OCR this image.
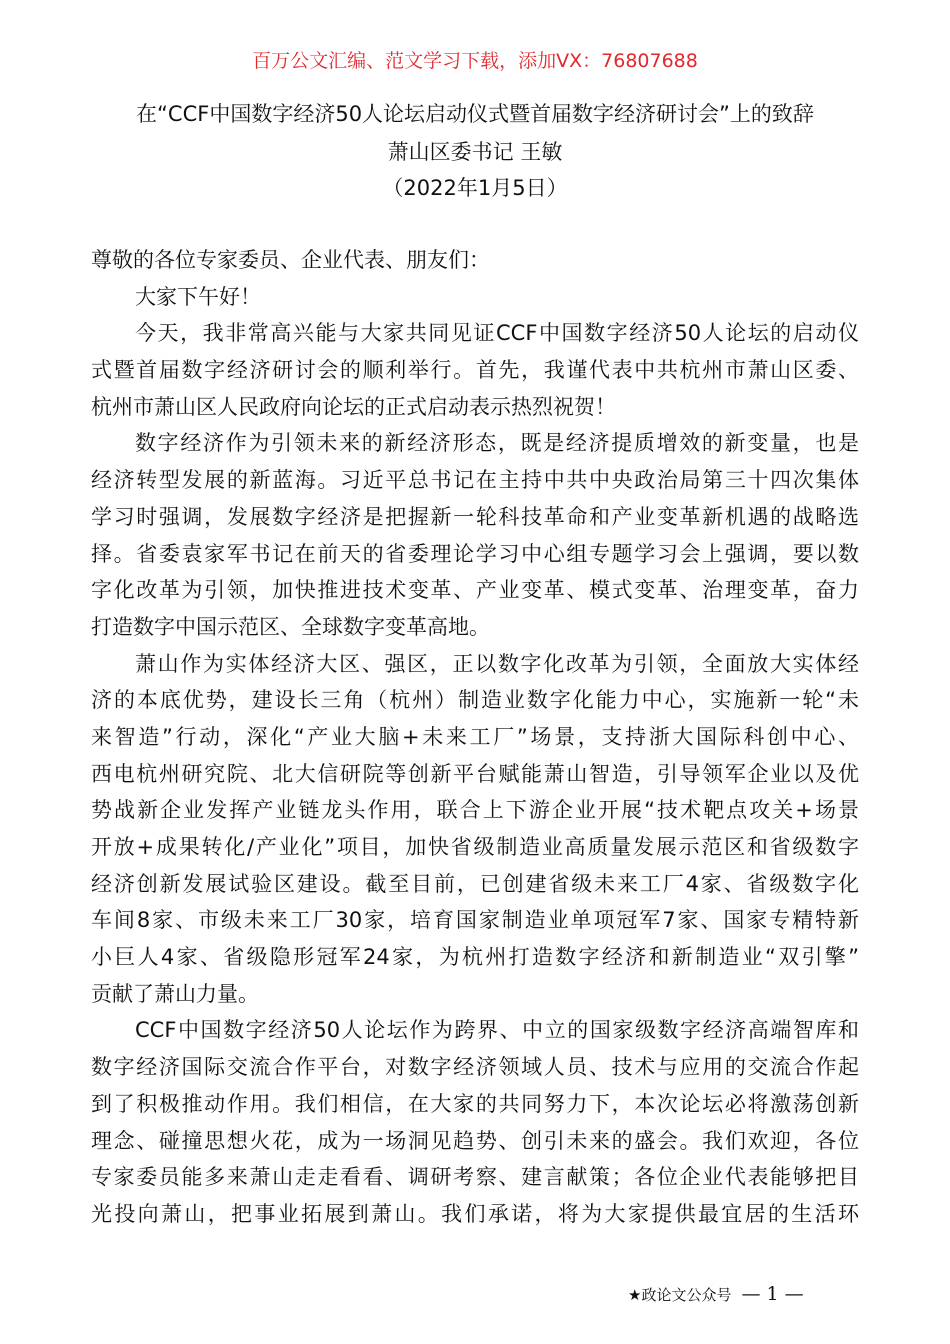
百万公文汇编、范文学习下载，添加VX：76807688
在“CCF中国数字经济50人论坛启动仪式暨首届数字经济研讨会”上的致辞
萧山区委书记 王敏
（2022年1月5日）
尊敬的各位专家委员、企业代表、朋友们：
大家下午好！
今天，我非常高兴能与大家共同见证CCF中国数字经济50人论坛的启动仪
式暨首届数字经济研讨会的顺利举行。首先，我谨代表中共杭州市萧山区委、
杭州市萧山区人民政府向论坛的正式启动表示热烈祝贺！
数字经济作为引领未来的新经济形态，既是经济提质增效的新变量，也是
经济转型发展的新蓝海。习近平总书记在主持中共中央政治局第三十四次集体
学习时强调，发展数字经济是把握新一轮科技革命和产业变革新机遇的战略选
择。省委袁家军书记在前天的省委理论学习中心组专题学习会上强调，要以数
字化改革为引领，加快推进技术变革、产业变革、模式变革、治理变革，奋力
打造数字中国示范区、全球数字变革高地。
萧山作为实体经济大区、强区，正以数字化改革为引领，全面放大实体经
济的本底优势，建设长三角（杭州）制造业数字化能力中心，实施新一轮“未
来智造”行动，深化“产业大脑+未来工厂”场景，支持浙大国际科创中心、
西电杭州研究院、北大信研院等创新平台赋能萧山智造，引导领军企业以及优
势战新企业发挥产业链龙头作用，联合上下游企业开展“技术靶点攻关+场景
开放+成果转化/产业化”项目，加快省级制造业高质量发展示范区和省级数字
经济创新发展试验区建设。截至目前，已创建省级未来工厂4家、省级数字化
车间8家、市级未来工厂30家，培育国家制造业单项冠军7家、国家专精特新
小巨人4家、省级隐形冠军24家，为杭州打造数字经济和新制造业“双引擎”
贡献了萧山力量。
CCF中国数字经济50人论坛作为跨界、中立的国家级数字经济高端智库和
数字经济国际交流合作平台，对数字经济领域人员、技术与应用的交流合作起
到了积极推动作用。我们相信，在大家的共同努力下，本次论坛必将激荡创新
理念、碰撞思想火花，成为一场洞见趋势、创引未来的盛会。我们欢迎，各位
专家委员能多来萧山走走看看、调研考察、建言献策；各位企业代表能够把目
光投向萧山，把事业拓展到萧山。我们承诺，将为大家提供最宜居的生活环
★政论文公众号 — 1 —
